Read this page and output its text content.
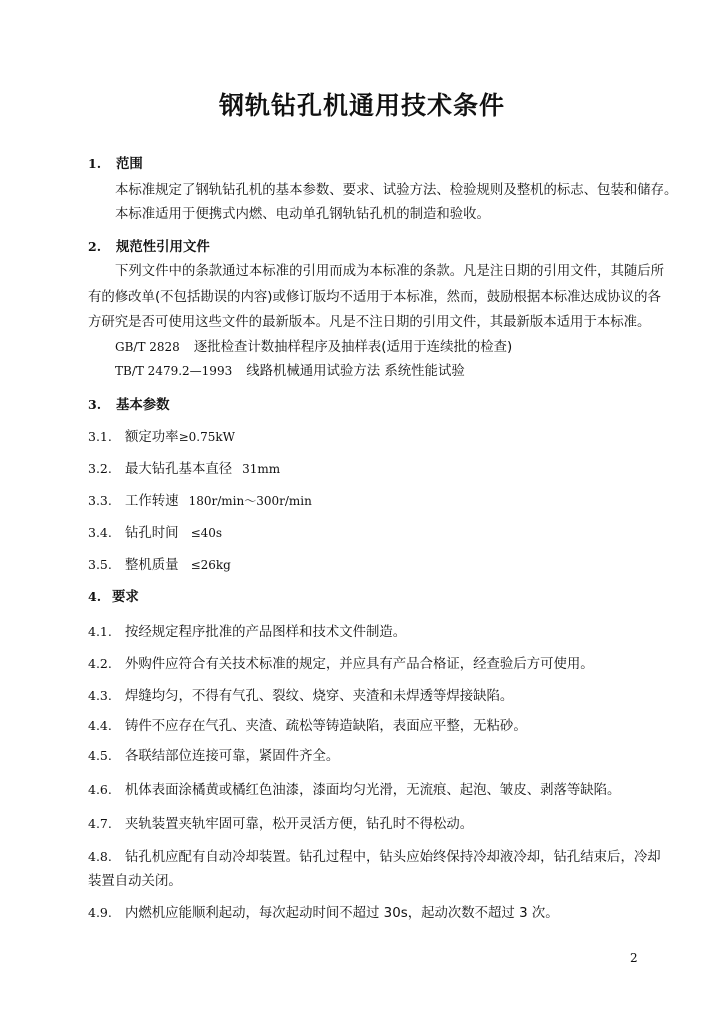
钢轨钻孔机通用技术条件
1. 范围
本标准规定了钢轨钻孔机的基本参数、要求、试验方法、检验规则及整机的标志、包装和储存。
本标准适用于便携式内燃、电动单孔钢轨钻孔机的制造和验收。
2. 规范性引用文件
下列文件中的条款通过本标准的引用而成为本标准的条款。凡是注日期的引用文件，其随后所
有的修改单(不包括勘误的内容)或修订版均不适用于本标准，然而，鼓励根据本标准达成协议的各
方研究是否可使用这些文件的最新版本。凡是不注日期的引用文件，其最新版本适用于本标准。
GB/T 2828 逐批检查计数抽样程序及抽样表(适用于连续批的检查)
TB/T 2479.2—1993 线路机械通用试验方法 系统性能试验
3. 基本参数
3.1. 额定功率≥0.75kW
3.2. 最大钻孔基本直径 31mm
3.3. 工作转速 180r/min～300r/min
3.4. 钻孔时间 ≤40s
3.5. 整机质量 ≤26kg
4. 要求
4.1. 按经规定程序批准的产品图样和技术文件制造。
4.2. 外购件应符合有关技术标准的规定，并应具有产品合格证，经查验后方可使用。
4.3. 焊缝均匀，不得有气孔、裂纹、烧穿、夹渣和未焊透等焊接缺陷。
4.4. 铸件不应存在气孔、夹渣、疏松等铸造缺陷，表面应平整，无粘砂。
4.5. 各联结部位连接可靠，紧固件齐全。
4.6. 机体表面涂橘黄或橘红色油漆，漆面均匀光滑，无流痕、起泡、皱皮、剥落等缺陷。
4.7. 夹轨装置夹轨牢固可靠，松开灵活方便，钻孔时不得松动。
4.8. 钻孔机应配有自动冷却装置。钻孔过程中，钻头应始终保持冷却液冷却，钻孔结束后，冷却
装置自动关闭。
4.9. 内燃机应能顺利起动，每次起动时间不超过 30s，起动次数不超过 3 次。
2
